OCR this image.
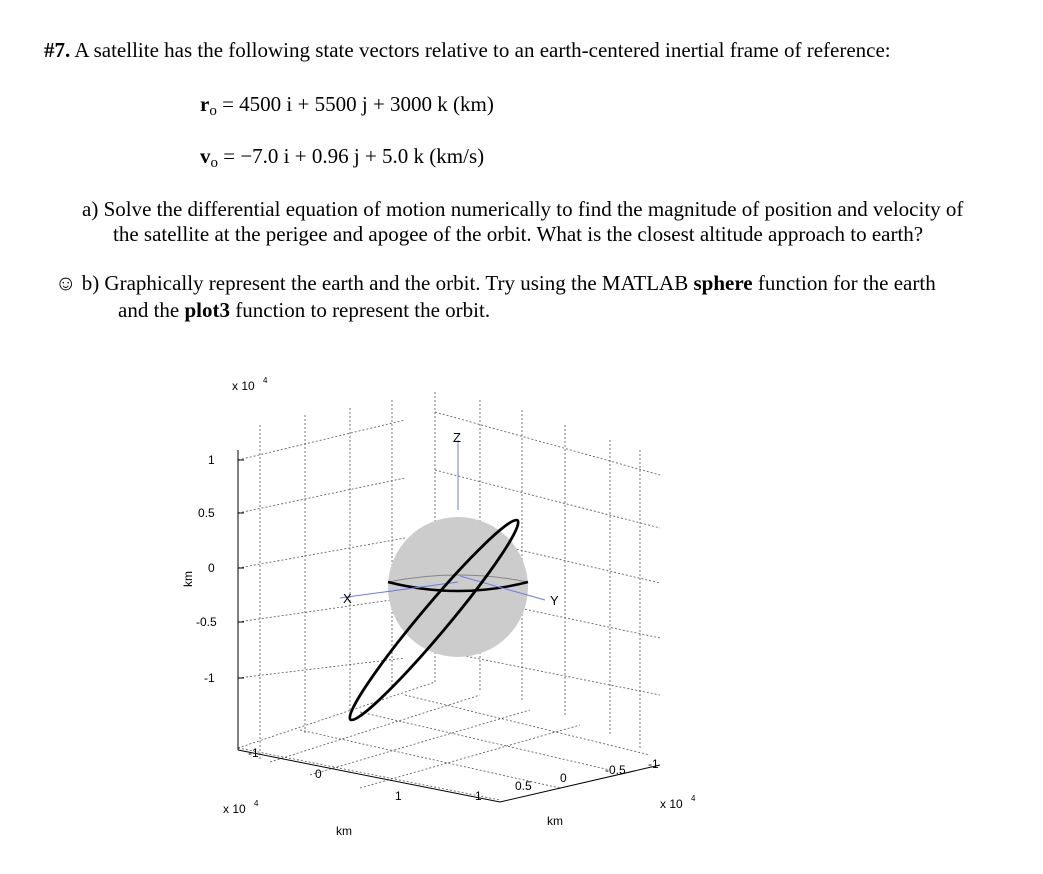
#7. A satellite has the following state vectors relative to an earth-centered inertial frame of reference:
ro = 4500 i + 5500 j + 3000 k (km)
vo = −7.0 i + 0.96 j + 5.0 k (km/s)
a) Solve the differential equation of motion numerically to find the magnitude of position and velocity of
the satellite at the perigee and apogee of the orbit. What is the closest altitude approach to earth?
☺ b) Graphically represent the earth and the orbit. Try using the MATLAB sphere function for the earth
and the plot3 function to represent the orbit.
x 10 4
1
0.5
0
-0.5
-1
km
-1
0
1
x 10 4
km
1
0.5
0
-0.5 -1
x 10 4
km
Z
X	Y
